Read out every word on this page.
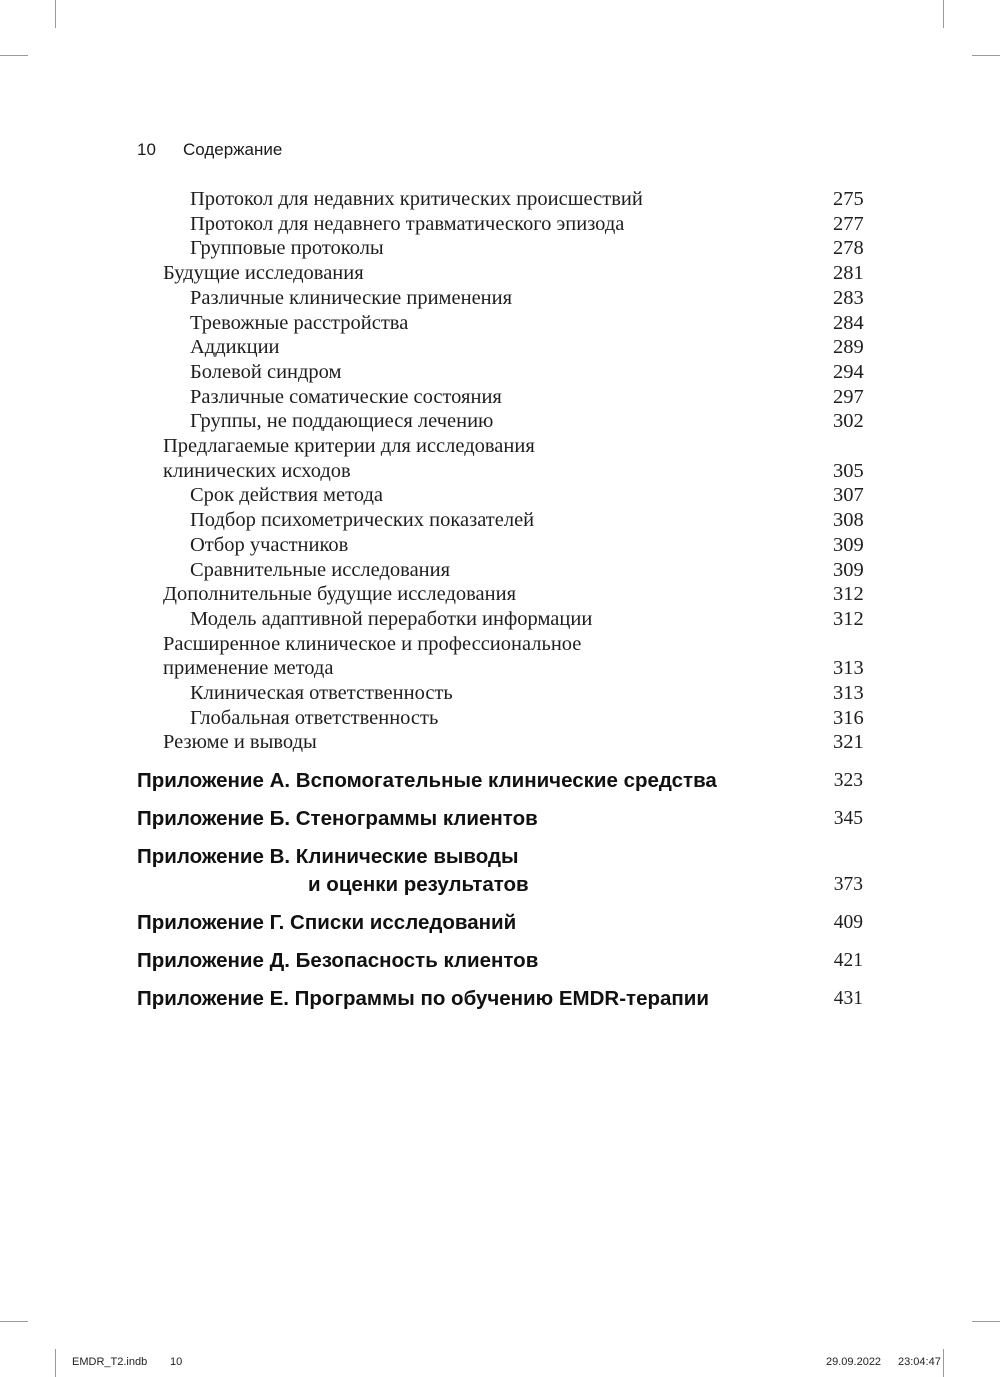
10 Содержание
Протокол для недавних критических происшествий	275
Протокол для недавнего травматического эпизода	277
Групповые протоколы	278
Будущие исследования	281
Различные клинические применения	283
Тревожные расстройства	284
Аддикции	289
Болевой синдром	294
Различные соматические состояния	297
Группы, не поддающиеся лечению	302
Предлагаемые критерии для исследования
клинических исходов	305
Срок действия метода	307
Подбор психометрических показателей	308
Отбор участников	309
Сравнительные исследования	309
Дополнительные будущие исследования	312
Модель адаптивной переработки информации	312
Расширенное клиническое и профессиональное
применение метода	313
Клиническая ответственность	313
Глобальная ответственность	316
Резюме и выводы	321
Приложение А. Вспомогательные клинические средства	323
Приложение Б. Стенограммы клиентов	345
Приложение В. Клинические выводы
и оценки результатов	373
Приложение Г. Списки исследований	409
Приложение Д. Безопасность клиентов	421
Приложение Е. Программы по обучению EMDR-терапии	431
EMDR_T2.indb 10	29.09.2022 23:04:47
